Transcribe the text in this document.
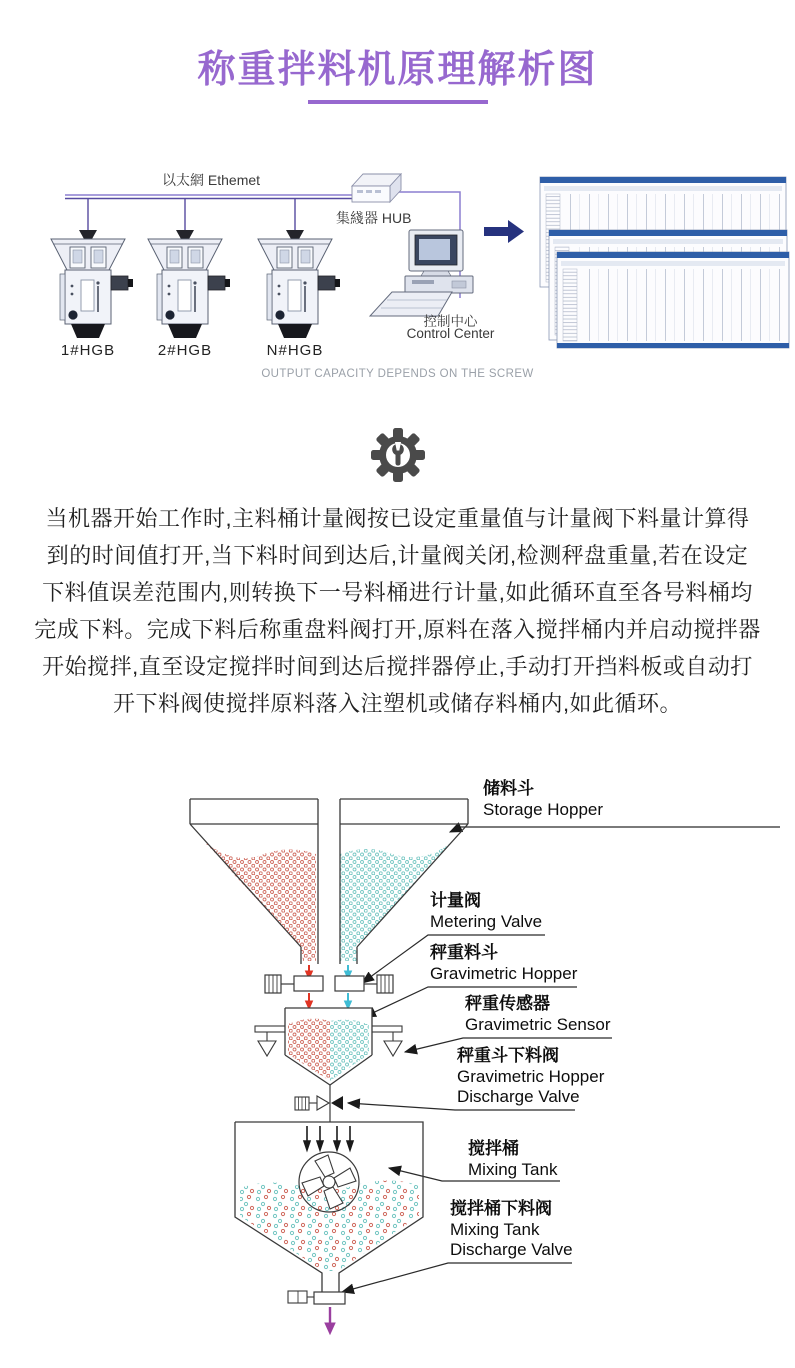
称重拌料机原理解析图
以太網 Ethemet
集綫器 HUB
1#HGB	2#HGB	N#HGB
控制中心
Control Center
OUTPUT CAPACITY DEPENDS ON THE SCREW
当机器开始工作时,主料桶计量阀按已设定重量值与计量阀下料量计算得
到的时间值打开,当下料时间到达后,计量阀关闭,检测秤盘重量,若在设定
下料值误差范围内,则转换下一号料桶进行计量,如此循环直至各号料桶均
完成下料。完成下料后称重盘料阀打开,原料在落入搅拌桶内并启动搅拌器
开始搅拌,直至设定搅拌时间到达后搅拌器停止,手动打开挡料板或自动打
开下料阀使搅拌原料落入注塑机或储存料桶内,如此循环。
储料斗
Storage Hopper
计量阀
Metering Valve
秤重料斗
Gravimetric Hopper
秤重传感器
Gravimetric Sensor
秤重斗下料阀
Gravimetric Hopper
Discharge Valve
搅拌桶
Mixing Tank
搅拌桶下料阀
Mixing Tank
Discharge Valve
